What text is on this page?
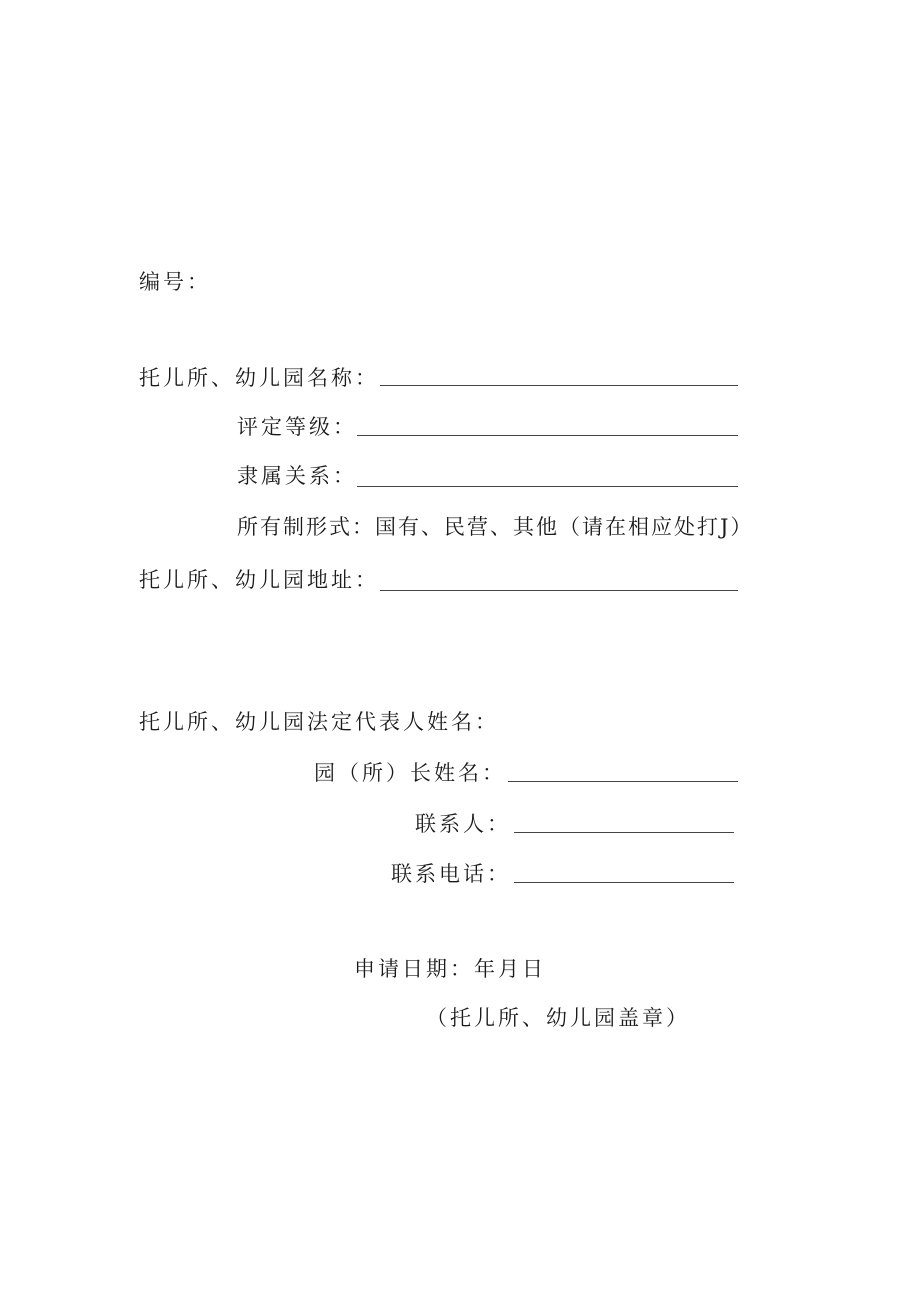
编号：
托儿所、幼儿园名称：
评定等级：
隶属关系：
所有制形式：国有、民营、其他（请在相应处打J）
托儿所、幼儿园地址：
托儿所、幼儿园法定代表人姓名：
园（所）长姓名：
联系人：
联系电话：
申请日期：年月日
（托儿所、幼儿园盖章）
